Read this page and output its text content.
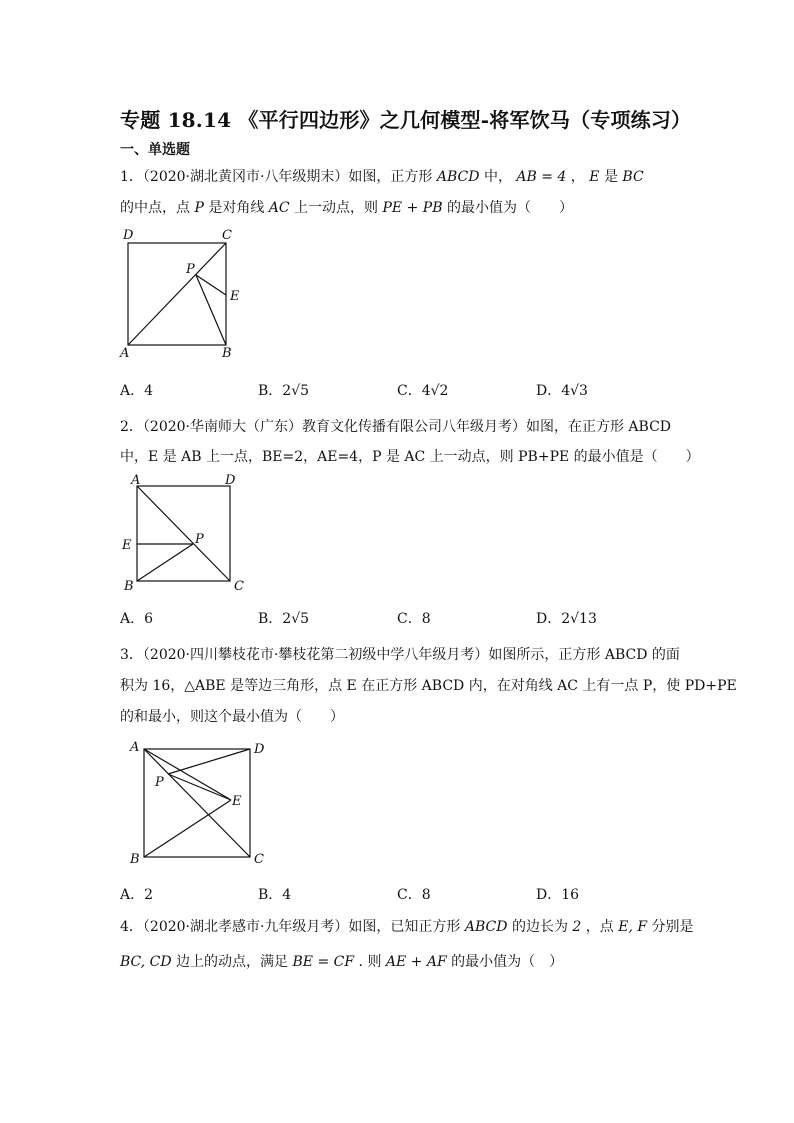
专题 18.14 《平行四边形》之几何模型-将军饮马（专项练习）
一、单选题
1．（2020·湖北黄冈市·八年级期末）如图，正方形 ABCD 中， AB = 4 ， E 是 BC
的中点，点 P 是对角线 AC 上一动点，则 PE + PB 的最小值为（　　）
D	C
P
E
A	B
A．4	B．2√5	C．4√2	D．4√3
2．（2020·华南师大（广东）教育文化传播有限公司八年级月考）如图，在正方形 ABCD
中，E 是 AB 上一点，BE=2，AE=4，P 是 AC 上一动点，则 PB+PE 的最小值是（　　）
A	D
E	P
B	C
A．6	B．2√5	C．8	D．2√13
3．（2020·四川攀枝花市·攀枝花第二初级中学八年级月考）如图所示，正方形 ABCD 的面
积为 16，△ABE 是等边三角形，点 E 在正方形 ABCD 内，在对角线 AC 上有一点 P，使 PD+PE
的和最小，则这个最小值为（　　）
A	D
P
E
B	C
A．2	B．4	C．8	D．16
4．（2020·湖北孝感市·九年级月考）如图，已知正方形 ABCD 的边长为 2 ，点 E, F 分别是
BC, CD 边上的动点，满足 BE = CF . 则 AE + AF 的最小值为（　）
